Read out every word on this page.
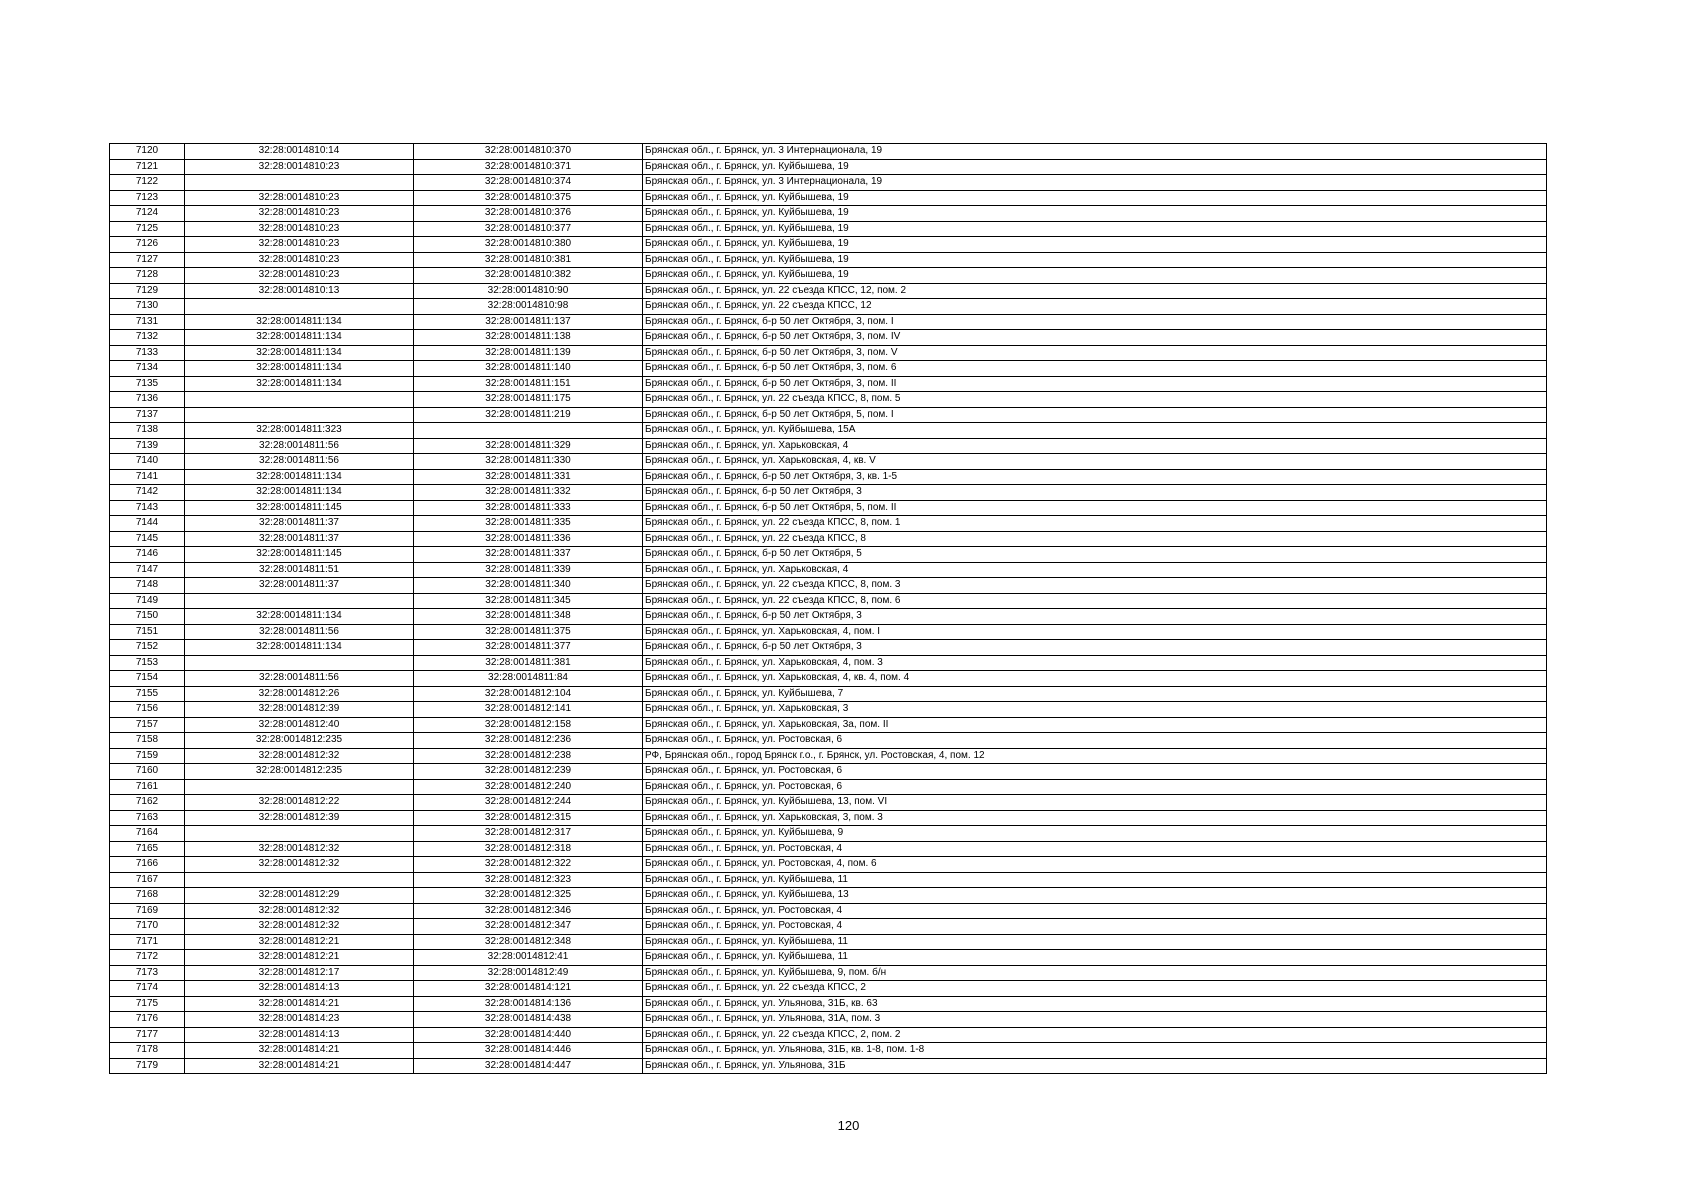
7120	32:28:0014810:14	32:28:0014810:370	Брянская обл., г. Брянск, ул. 3 Интернационала, 19
7121	32:28:0014810:23	32:28:0014810:371	Брянская обл., г. Брянск, ул. Куйбышева, 19
7122		32:28:0014810:374	Брянская обл., г. Брянск, ул. 3 Интернационала, 19
7123	32:28:0014810:23	32:28:0014810:375	Брянская обл., г. Брянск, ул. Куйбышева, 19
7124	32:28:0014810:23	32:28:0014810:376	Брянская обл., г. Брянск, ул. Куйбышева, 19
7125	32:28:0014810:23	32:28:0014810:377	Брянская обл., г. Брянск, ул. Куйбышева, 19
7126	32:28:0014810:23	32:28:0014810:380	Брянская обл., г. Брянск, ул. Куйбышева, 19
7127	32:28:0014810:23	32:28:0014810:381	Брянская обл., г. Брянск, ул. Куйбышева, 19
7128	32:28:0014810:23	32:28:0014810:382	Брянская обл., г. Брянск, ул. Куйбышева, 19
7129	32:28:0014810:13	32:28:0014810:90	Брянская обл., г. Брянск, ул. 22 съезда КПСС, 12, пом. 2
7130		32:28:0014810:98	Брянская обл., г. Брянск, ул. 22 съезда КПСС, 12
7131	32:28:0014811:134	32:28:0014811:137	Брянская обл., г. Брянск, б-р 50 лет Октября, 3, пом. I
7132	32:28:0014811:134	32:28:0014811:138	Брянская обл., г. Брянск, б-р 50 лет Октября, 3, пом. IV
7133	32:28:0014811:134	32:28:0014811:139	Брянская обл., г. Брянск, б-р 50 лет Октября, 3, пом. V
7134	32:28:0014811:134	32:28:0014811:140	Брянская обл., г. Брянск, б-р 50 лет Октября, 3, пом. 6
7135	32:28:0014811:134	32:28:0014811:151	Брянская обл., г. Брянск, б-р 50 лет Октября, 3, пом. II
7136		32:28:0014811:175	Брянская обл., г. Брянск, ул. 22 съезда КПСС, 8, пом. 5
7137		32:28:0014811:219	Брянская обл., г. Брянск, б-р 50 лет Октября, 5, пом. I
7138	32:28:0014811:323		Брянская обл., г. Брянск, ул. Куйбышева, 15А
7139	32:28:0014811:56	32:28:0014811:329	Брянская обл., г. Брянск, ул. Харьковская, 4
7140	32:28:0014811:56	32:28:0014811:330	Брянская обл., г. Брянск, ул. Харьковская, 4, кв. V
7141	32:28:0014811:134	32:28:0014811:331	Брянская обл., г. Брянск, б-р 50 лет Октября, 3, кв. 1-5
7142	32:28:0014811:134	32:28:0014811:332	Брянская обл., г. Брянск, б-р 50 лет Октября, 3
7143	32:28:0014811:145	32:28:0014811:333	Брянская обл., г. Брянск, б-р 50 лет Октября, 5, пом. II
7144	32:28:0014811:37	32:28:0014811:335	Брянская обл., г. Брянск, ул. 22 съезда КПСС, 8, пом. 1
7145	32:28:0014811:37	32:28:0014811:336	Брянская обл., г. Брянск, ул. 22 съезда КПСС, 8
7146	32:28:0014811:145	32:28:0014811:337	Брянская обл., г. Брянск, б-р 50 лет Октября, 5
7147	32:28:0014811:51	32:28:0014811:339	Брянская обл., г. Брянск, ул. Харьковская, 4
7148	32:28:0014811:37	32:28:0014811:340	Брянская обл., г. Брянск, ул. 22 съезда КПСС, 8, пом. 3
7149		32:28:0014811:345	Брянская обл., г. Брянск, ул. 22 съезда КПСС, 8, пом. 6
7150	32:28:0014811:134	32:28:0014811:348	Брянская обл., г. Брянск, б-р 50 лет Октября, 3
7151	32:28:0014811:56	32:28:0014811:375	Брянская обл., г. Брянск, ул. Харьковская, 4, пом. I
7152	32:28:0014811:134	32:28:0014811:377	Брянская обл., г. Брянск, б-р 50 лет Октября, 3
7153		32:28:0014811:381	Брянская обл., г. Брянск, ул. Харьковская, 4, пом. 3
7154	32:28:0014811:56	32:28:0014811:84	Брянская обл., г. Брянск, ул. Харьковская, 4, кв. 4, пом. 4
7155	32:28:0014812:26	32:28:0014812:104	Брянская обл., г. Брянск, ул. Куйбышева, 7
7156	32:28:0014812:39	32:28:0014812:141	Брянская обл., г. Брянск, ул. Харьковская, 3
7157	32:28:0014812:40	32:28:0014812:158	Брянская обл., г. Брянск, ул. Харьковская, 3а, пом. II
7158	32:28:0014812:235	32:28:0014812:236	Брянская обл., г. Брянск, ул. Ростовская, 6
7159	32:28:0014812:32	32:28:0014812:238	РФ, Брянская обл., город Брянск г.о., г. Брянск, ул. Ростовская, 4, пом. 12
7160	32:28:0014812:235	32:28:0014812:239	Брянская обл., г. Брянск, ул. Ростовская, 6
7161		32:28:0014812:240	Брянская обл., г. Брянск, ул. Ростовская, 6
7162	32:28:0014812:22	32:28:0014812:244	Брянская обл., г. Брянск, ул. Куйбышева, 13, пом. VI
7163	32:28:0014812:39	32:28:0014812:315	Брянская обл., г. Брянск, ул. Харьковская, 3, пом. 3
7164		32:28:0014812:317	Брянская обл., г. Брянск, ул. Куйбышева, 9
7165	32:28:0014812:32	32:28:0014812:318	Брянская обл., г. Брянск, ул. Ростовская, 4
7166	32:28:0014812:32	32:28:0014812:322	Брянская обл., г. Брянск, ул. Ростовская, 4, пом. 6
7167		32:28:0014812:323	Брянская обл., г. Брянск, ул. Куйбышева, 11
7168	32:28:0014812:29	32:28:0014812:325	Брянская обл., г. Брянск, ул. Куйбышева, 13
7169	32:28:0014812:32	32:28:0014812:346	Брянская обл., г. Брянск, ул. Ростовская, 4
7170	32:28:0014812:32	32:28:0014812:347	Брянская обл., г. Брянск, ул. Ростовская, 4
7171	32:28:0014812:21	32:28:0014812:348	Брянская обл., г. Брянск, ул. Куйбышева, 11
7172	32:28:0014812:21	32:28:0014812:41	Брянская обл., г. Брянск, ул. Куйбышева, 11
7173	32:28:0014812:17	32:28:0014812:49	Брянская обл., г. Брянск, ул. Куйбышева, 9, пом. б/н
7174	32:28:0014814:13	32:28:0014814:121	Брянская обл., г. Брянск, ул. 22 съезда КПСС, 2
7175	32:28:0014814:21	32:28:0014814:136	Брянская обл., г. Брянск, ул. Ульянова, 31Б, кв. 63
7176	32:28:0014814:23	32:28:0014814:438	Брянская обл., г. Брянск, ул. Ульянова, 31А, пом. 3
7177	32:28:0014814:13	32:28:0014814:440	Брянская обл., г. Брянск, ул. 22 съезда КПСС, 2, пом. 2
7178	32:28:0014814:21	32:28:0014814:446	Брянская обл., г. Брянск, ул. Ульянова, 31Б, кв. 1-8, пом. 1-8
7179	32:28:0014814:21	32:28:0014814:447	Брянская обл., г. Брянск, ул. Ульянова, 31Б
120
